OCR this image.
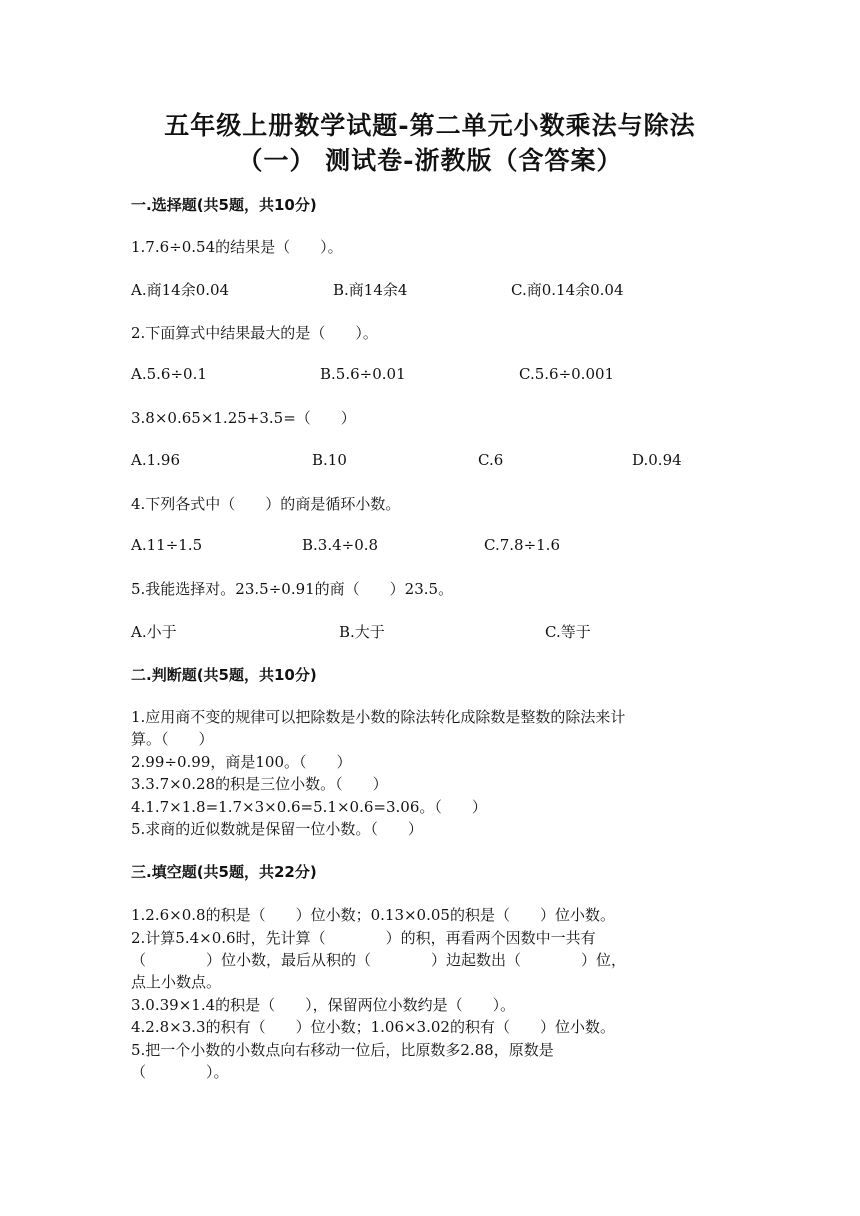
五年级上册数学试题-第二单元小数乘法与除法
（一） 测试卷-浙教版（含答案）
一.选择题(共5题，共10分)
1.7.6÷0.54的结果是（　　）。
A.商14余0.04	B.商14余4	C.商0.14余0.04
2.下面算式中结果最大的是（　　）。
A.5.6÷0.1	B.5.6÷0.01	C.5.6÷0.001
3.8×0.65×1.25+3.5=（　　）
A.1.96	B.10	C.6	D.0.94
4.下列各式中（　　）的商是循环小数。
A.11÷1.5	B.3.4÷0.8	C.7.8÷1.6
5.我能选择对。23.5÷0.91的商（　　）23.5。
A.小于	B.大于	C.等于
二.判断题(共5题，共10分)
1.应用商不变的规律可以把除数是小数的除法转化成除数是整数的除法来计
算。（　　）
2.99÷0.99，商是100。（　　）
3.3.7×0.28的积是三位小数。（　　）
4.1.7×1.8=1.7×3×0.6=5.1×0.6=3.06。（　　）
5.求商的近似数就是保留一位小数。（　　）
三.填空题(共5题，共22分)
1.2.6×0.8的积是（　　）位小数；0.13×0.05的积是（　　）位小数。
2.计算5.4×0.6时，先计算（　　　　）的积，再看两个因数中一共有
（　　　　）位小数，最后从积的（　　　　）边起数出（　　　　）位，
点上小数点。
3.0.39×1.4的积是（　　），保留两位小数约是（　　）。
4.2.8×3.3的积有（　　）位小数；1.06×3.02的积有（　　）位小数。
5.把一个小数的小数点向右移动一位后，比原数多2.88，原数是
（　　　　）。
